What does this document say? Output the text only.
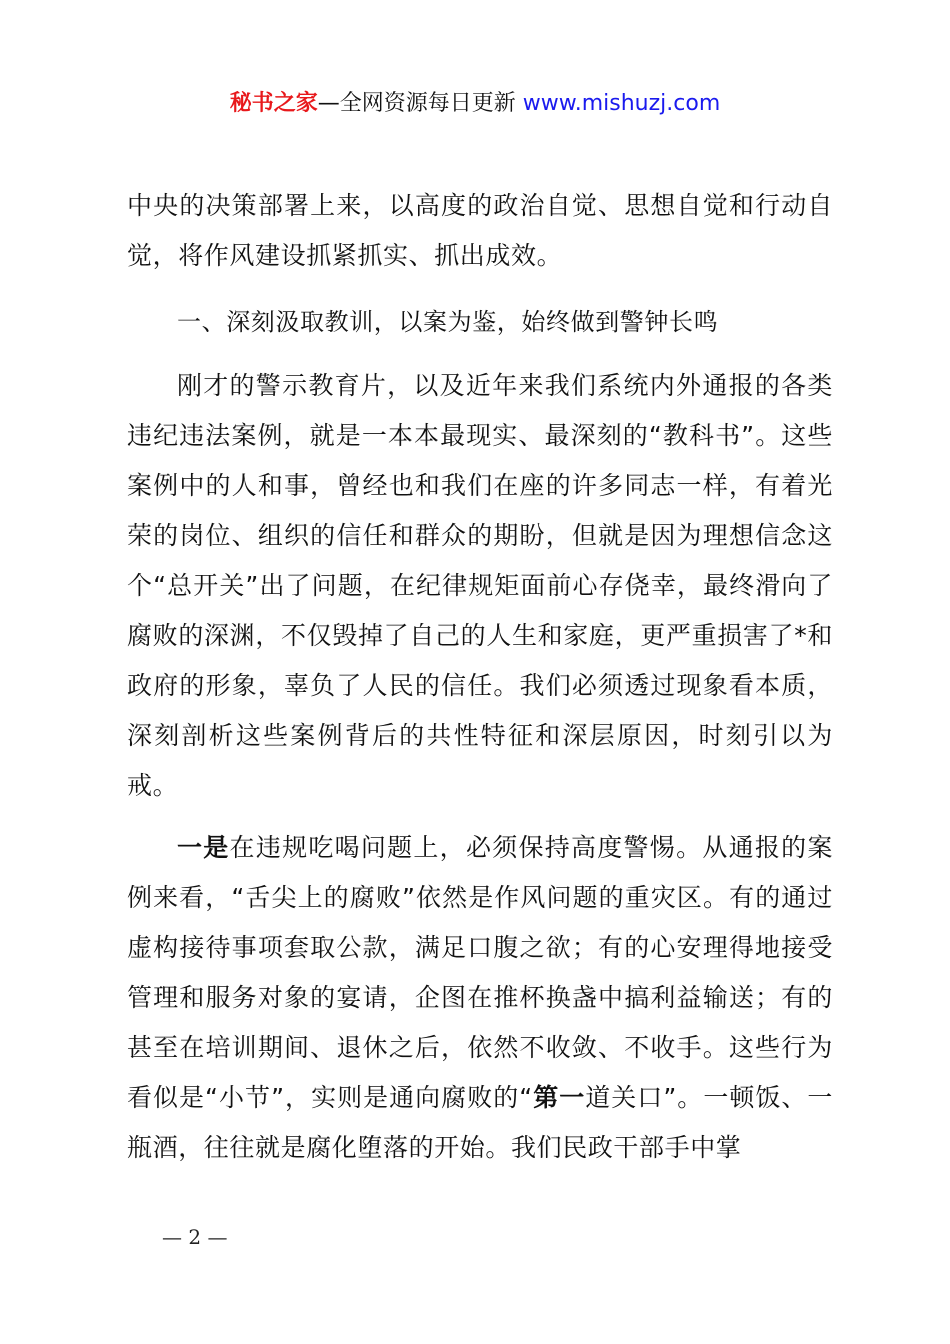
秘书之家—全网资源每日更新 www.mishuzj.com

中央的决策部署上来，以高度的政治自觉、思想自觉和行动自觉，将作风建设抓紧抓实、抓出成效。

一、深刻汲取教训，以案为鉴，始终做到警钟长鸣

刚才的警示教育片，以及近年来我们系统内外通报的各类违纪违法案例，就是一本本最现实、最深刻的“教科书”。这些案例中的人和事，曾经也和我们在座的许多同志一样，有着光荣的岗位、组织的信任和群众的期盼，但就是因为理想信念这个“总开关”出了问题，在纪律规矩面前心存侥幸，最终滑向了腐败的深渊，不仅毁掉了自己的人生和家庭，更严重损害了*和政府的形象，辜负了人民的信任。我们必须透过现象看本质，深刻剖析这些案例背后的共性特征和深层原因，时刻引以为戒。

一是在违规吃喝问题上，必须保持高度警惕。从通报的案例来看，“舌尖上的腐败”依然是作风问题的重灾区。有的通过虚构接待事项套取公款，满足口腹之欲；有的心安理得地接受管理和服务对象的宴请，企图在推杯换盏中搞利益输送；有的甚至在培训期间、退休之后，依然不收敛、不收手。这些行为看似是“小节”，实则是通向腐败的“第一道关口”。一顿饭、一瓶酒，往往就是腐化堕落的开始。我们民政干部手中掌

— 2 —
